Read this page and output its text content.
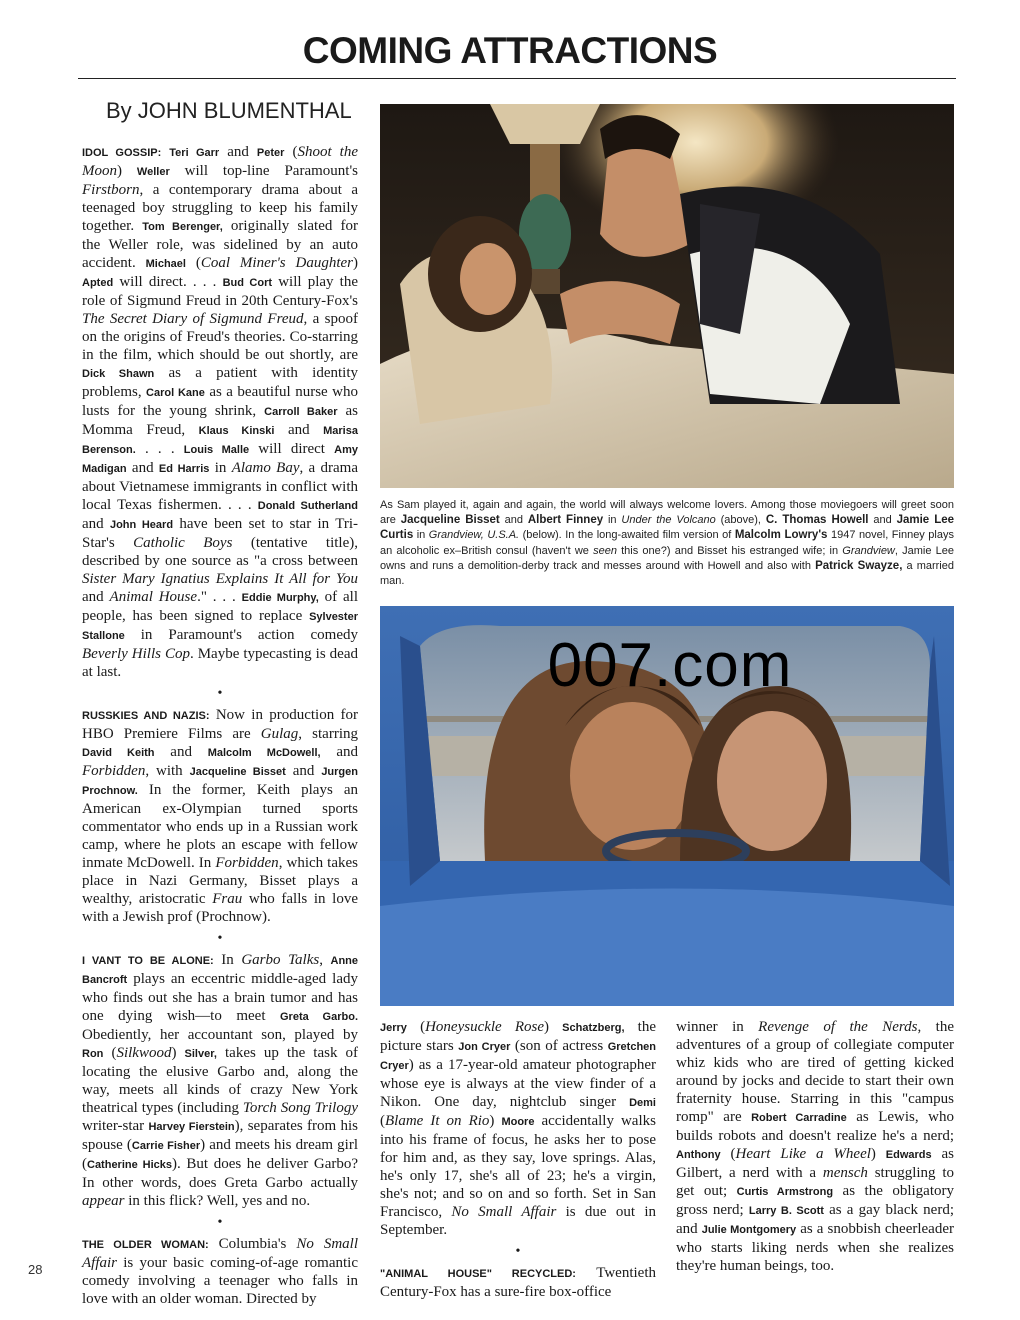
COMING ATTRACTIONS
By JOHN BLUMENTHAL

IDOL GOSSIP: Teri Garr and Peter (Shoot the Moon) Weller will top-line Paramount's Firstborn, a contemporary drama about a teenaged boy struggling to keep his family together. Tom Berenger, originally slated for the Weller role, was sidelined by an auto accident. Michael (Coal Miner's Daughter) Apted will direct. . . . Bud Cort will play the role of Sigmund Freud in 20th Century-Fox's The Secret Diary of Sigmund Freud, a spoof on the origins of Freud's theories. Co-starring in the film, which should be out shortly, are Dick Shawn as a patient with identity problems, Carol Kane as a beautiful nurse who lusts for the young shrink, Carroll Baker as Momma Freud, Klaus Kinski and Marisa Berenson. . . . Louis Malle will direct Amy Madigan and Ed Harris in Alamo Bay, a drama about Vietnamese immigrants in conflict with local Texas fishermen. . . . Donald Sutherland and John Heard have been set to star in Tri-Star's Catholic Boys (tentative title), described by one source as "a cross between Sister Mary Ignatius Explains It All for You and Animal House." . . . Eddie Murphy, of all people, has been signed to replace Sylvester Stallone in Paramount's action comedy Beverly Hills Cop. Maybe typecasting is dead at last.

•

RUSSKIES AND NAZIS: Now in production for HBO Premiere Films are Gulag, starring David Keith and Malcolm McDowell, and Forbidden, with Jacqueline Bisset and Jurgen Prochnow. In the former, Keith plays an American ex-Olympian turned sports commentator who ends up in a Russian work camp, where he plots an escape with fellow inmate McDowell. In Forbidden, which takes place in Nazi Germany, Bisset plays a wealthy, aristocratic Frau who falls in love with a Jewish prof (Prochnow).

•

I VANT TO BE ALONE: In Garbo Talks, Anne Bancroft plays an eccentric middle-aged lady who finds out she has a brain tumor and has one dying wish—to meet Greta Garbo. Obediently, her accountant son, played by Ron (Silkwood) Silver, takes up the task of locating the elusive Garbo and, along the way, meets all kinds of crazy New York theatrical types (including Torch Song Trilogy writer-star Harvey Fierstein), separates from his spouse (Carrie Fisher) and meets his dream girl (Catherine Hicks). But does he deliver Garbo? In other words, does Greta Garbo actually appear in this flick? Well, yes and no.

•

THE OLDER WOMAN: Columbia's No Small Affair is your basic coming-of-age romantic comedy involving a teenager who falls in love with an older woman. Directed by

As Sam played it, again and again, the world will always welcome lovers. Among those moviegoers will greet soon are Jacqueline Bisset and Albert Finney in Under the Volcano (above), C. Thomas Howell and Jamie Lee Curtis in Grandview, U.S.A. (below). In the long-awaited film version of Malcolm Lowry's 1947 novel, Finney plays an alcoholic ex–British consul (haven't we seen this one?) and Bisset his estranged wife; in Grandview, Jamie Lee owns and runs a demolition-derby track and messes around with Howell and also with Patrick Swayze, a married man.
007.com

Jerry (Honeysuckle Rose) Schatzberg, the picture stars Jon Cryer (son of actress Gretchen Cryer) as a 17-year-old amateur photographer whose eye is always at the view finder of a Nikon. One day, nightclub singer Demi (Blame It on Rio) Moore accidentally walks into his frame of focus, he asks her to pose for him and, as they say, love springs. Alas, he's only 17, she's all of 23; he's a virgin, she's not; and so on and so forth. Set in San Francisco, No Small Affair is due out in September.

•

"ANIMAL HOUSE" RECYCLED: Twentieth Century-Fox has a sure-fire box-office

winner in Revenge of the Nerds, the adventures of a group of collegiate computer whiz kids who are tired of getting kicked around by jocks and decide to start their own fraternity house. Starring in this "campus romp" are Robert Carradine as Lewis, who builds robots and doesn't realize he's a nerd; Anthony (Heart Like a Wheel) Edwards as Gilbert, a nerd with a mensch struggling to get out; Curtis Armstrong as the obligatory gross nerd; Larry B. Scott as a gay black nerd; and Julie Montgomery as a snobbish cheerleader who starts liking nerds when she realizes they're human beings, too.

28
